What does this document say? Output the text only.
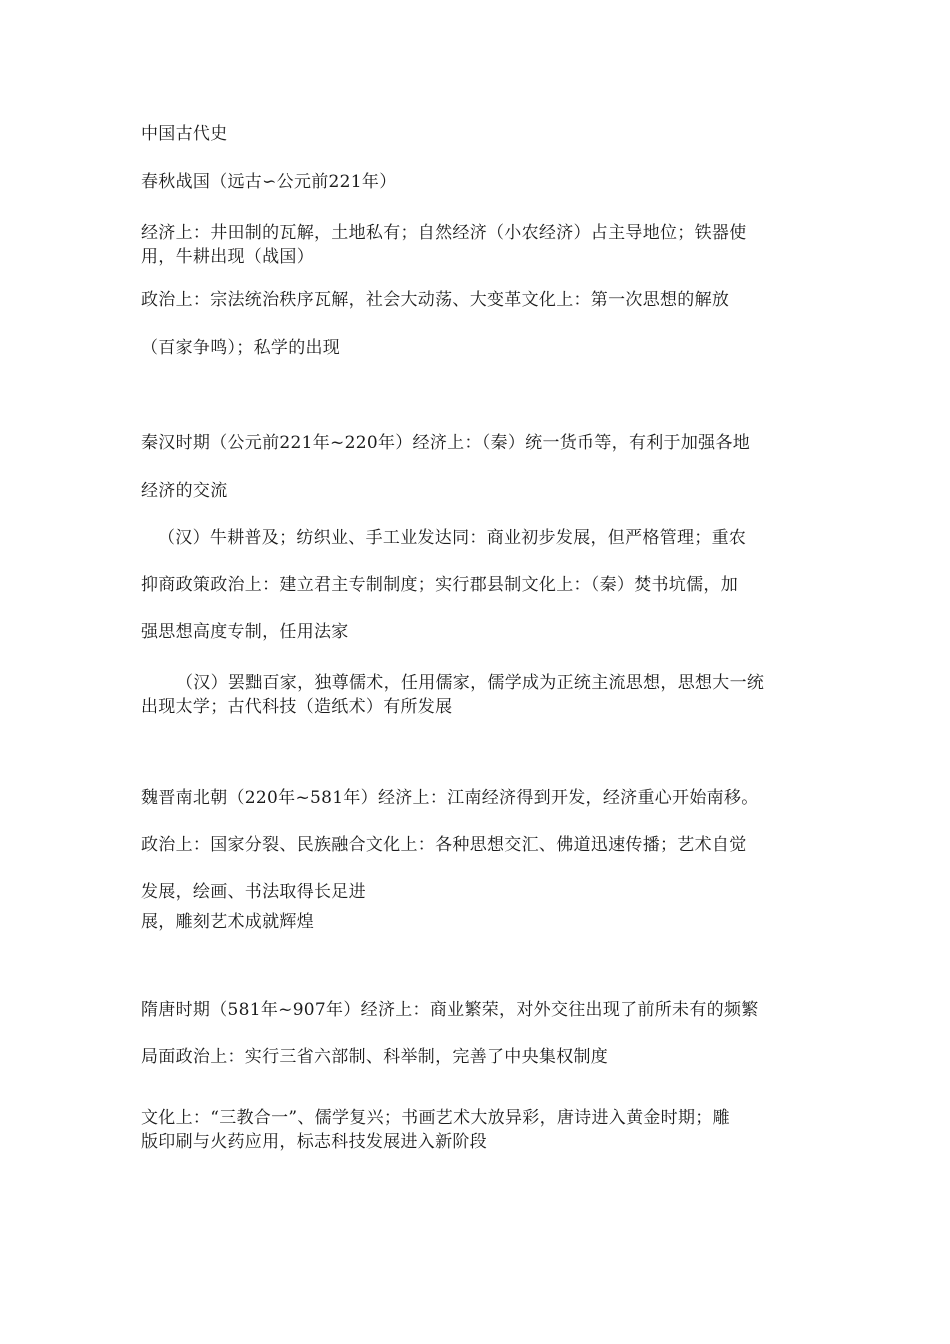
中国古代史
春秋战国（远古∽公元前221年）
经济上：井田制的瓦解，土地私有；自然经济（小农经济）占主导地位；铁器使
用，牛耕出现（战国）
政治上：宗法统治秩序瓦解，社会大动荡、大变革文化上：第一次思想的解放
（百家争鸣）；私学的出现
秦汉时期（公元前221年~220年）经济上：（秦）统一货币等，有利于加强各地
经济的交流
（汉）牛耕普及；纺织业、手工业发达同：商业初步发展，但严格管理；重农
抑商政策政治上：建立君主专制制度；实行郡县制文化上：（秦）焚书坑儒，加
强思想高度专制，任用法家
（汉）罢黜百家，独尊儒术，任用儒家，儒学成为正统主流思想，思想大一统
出现太学；古代科技（造纸术）有所发展
魏晋南北朝（220年~581年）经济上：江南经济得到开发，经济重心开始南移。
政治上：国家分裂、民族融合文化上：各种思想交汇、佛道迅速传播；艺术自觉
发展，绘画、书法取得长足进
展，雕刻艺术成就辉煌
隋唐时期（581年~907年）经济上：商业繁荣，对外交往出现了前所未有的频繁
局面政治上：实行三省六部制、科举制，完善了中央集权制度
文化上：“三教合一”、儒学复兴；书画艺术大放异彩，唐诗进入黄金时期；雕
版印刷与火药应用，标志科技发展进入新阶段
